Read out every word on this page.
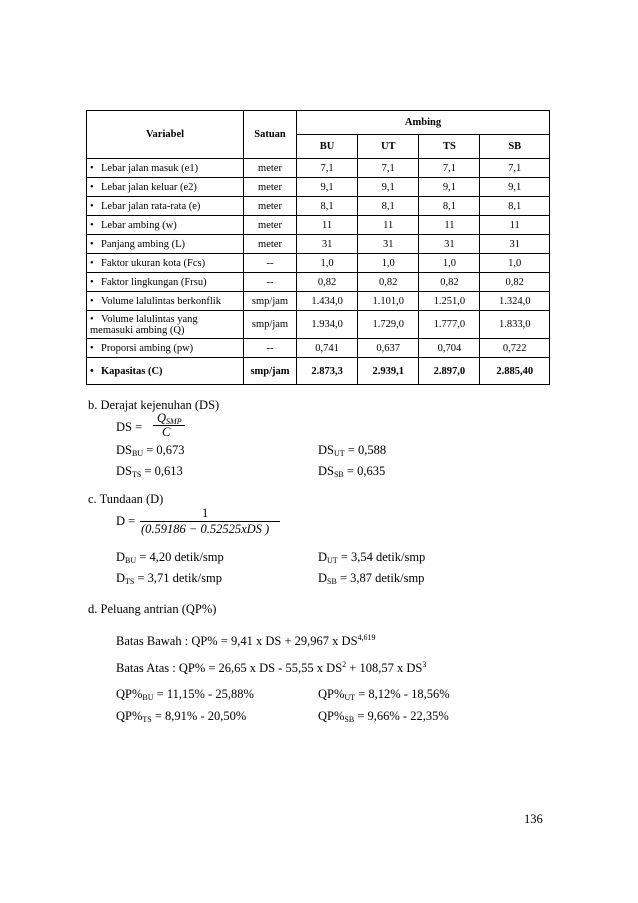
Variabel	Satuan	Ambing			
		BU	UT	TS	SB
• Lebar jalan masuk (e1)	meter	7,1	7,1	7,1	7,1
• Lebar jalan keluar (e2)	meter	9,1	9,1	9,1	9,1
• Lebar jalan rata-rata (e)	meter	8,1	8,1	8,1	8,1
• Lebar ambing (w)	meter	11	11	11	11
• Panjang ambing (L)	meter	31	31	31	31
• Faktor ukuran kota (Fcs)	--	1,0	1,0	1,0	1,0
• Faktor lingkungan (Frsu)	--	0,82	0,82	0,82	0,82
• Volume lalulintas berkonflik	smp/jam	1.434,0	1.101,0	1.251,0	1.324,0
• Volume lalulintas yang memasuki ambing (Q)	smp/jam	1.934,0	1.729,0	1.777,0	1.833,0
• Proporsi ambing (pw)	--	0,741	0,637	0,704	0,722
• Kapasitas (C)	smp/jam	2.873,3	2.939,1	2.897,0	2.885,40
b. Derajat kejenuhan (DS)
DS =
$Q_{SMP}$
C
$DS_{BU} = 0,673$	$DS_{UT} = 0,588$
$DS_{TS} = 0,613$	$DS_{SB} = 0,635$
c. Tundaan (D)
D =
1
(0.59186 − 0.52525xDS )
$D_{BU} = 4,20$ detik/smp	$D_{UT} = 3,54$ detik/smp
$D_{TS} = 3,71$ detik/smp	$D_{SB} = 3,87$ detik/smp
d. Peluang antrian (QP%)
Batas Bawah : QP% = 9,41 x DS + 29,967 x DS$^{4,619}$
Batas Atas : QP% = 26,65 x DS - 55,55 x $DS^2 + 108,57$ x $DS^3$
$QP\%_{BU} = 11,15\% - 25,88\%$	$QP\%_{UT} = 8,12\% - 18,56\%$
$QP\%_{TS} = 8,91\% - 20,50\%$	$QP\%_{SB} = 9,66\% - 22,35\%$
136
